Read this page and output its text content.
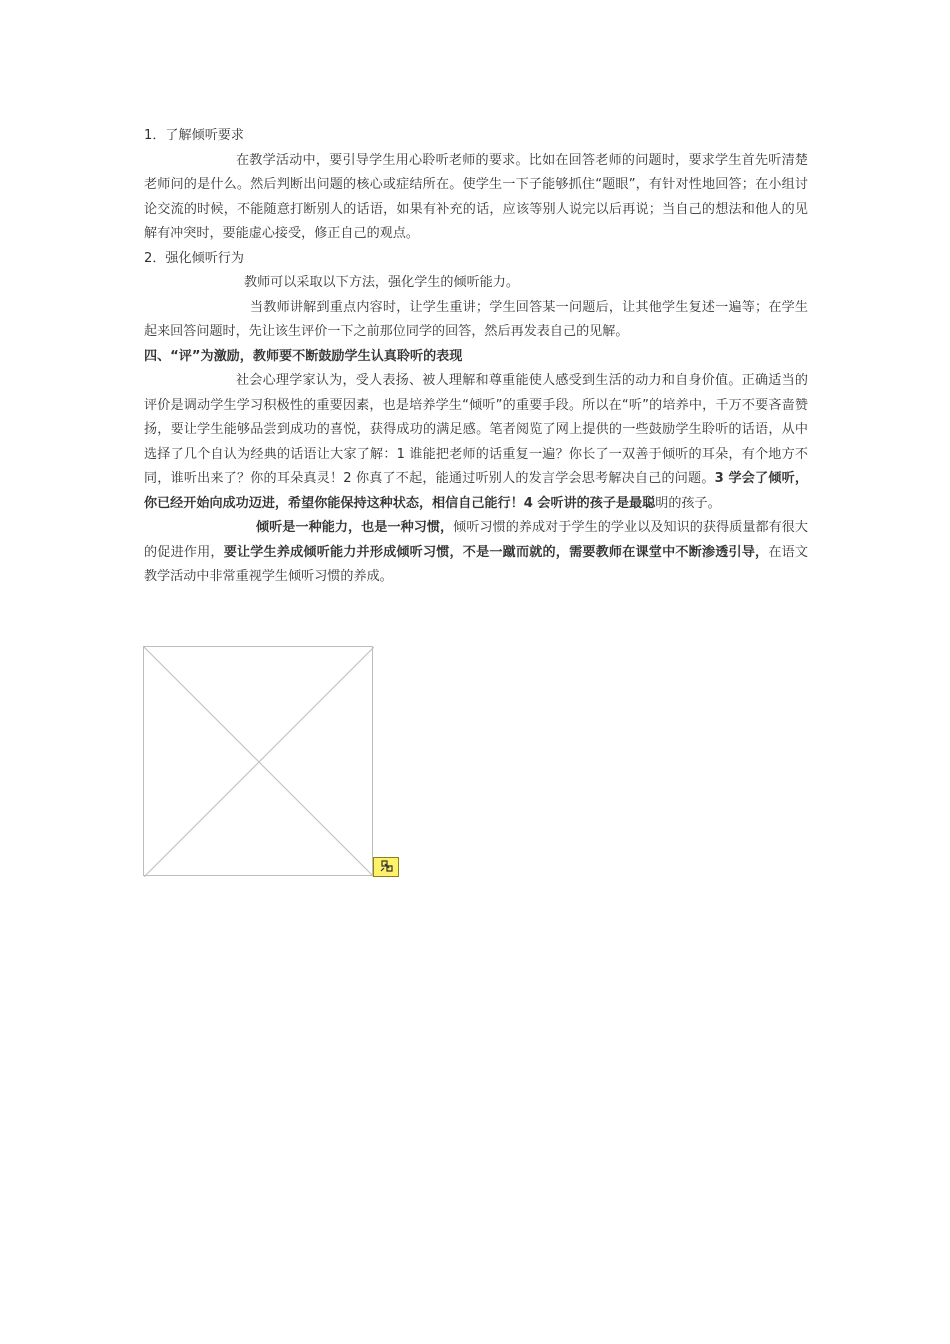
1．了解倾听要求

在教学活动中，要引导学生用心聆听老师的要求。比如在回答老师的问题时，要求学生首先听清楚老师问的是什么。然后判断出问题的核心或症结所在。使学生一下子能够抓住“题眼”，有针对性地回答；在小组讨论交流的时候，不能随意打断别人的话语，如果有补充的话，应该等别人说完以后再说；当自己的想法和他人的见解有冲突时，要能虚心接受，修正自己的观点。

2．强化倾听行为

教师可以采取以下方法，强化学生的倾听能力。

当教师讲解到重点内容时，让学生重讲；学生回答某一问题后，让其他学生复述一遍等；在学生起来回答问题时，先让该生评价一下之前那位同学的回答，然后再发表自己的见解。

四、“评”为激励，教师要不断鼓励学生认真聆听的表现

社会心理学家认为，受人表扬、被人理解和尊重能使人感受到生活的动力和自身价值。正确适当的评价是调动学生学习积极性的重要因素，也是培养学生“倾听”的重要手段。所以在“听”的培养中，千万不要吝啬赞扬，要让学生能够品尝到成功的喜悦，获得成功的满足感。笔者阅览了网上提供的一些鼓励学生聆听的话语，从中选择了几个自认为经典的话语让大家了解：1 谁能把老师的话重复一遍？你长了一双善于倾听的耳朵，有个地方不同，谁听出来了？你的耳朵真灵！2 你真了不起，能通过听别人的发言学会思考解决自己的问题。3 学会了倾听，你已经开始向成功迈进，希望你能保持这种状态，相信自己能行！4 会听讲的孩子是最聪明的孩子。

倾听是一种能力，也是一种习惯，倾听习惯的养成对于学生的学业以及知识的获得质量都有很大的促进作用，要让学生养成倾听能力并形成倾听习惯，不是一蹴而就的，需要教师在课堂中不断渗透引导，在语文教学活动中非常重视学生倾听习惯的养成。
